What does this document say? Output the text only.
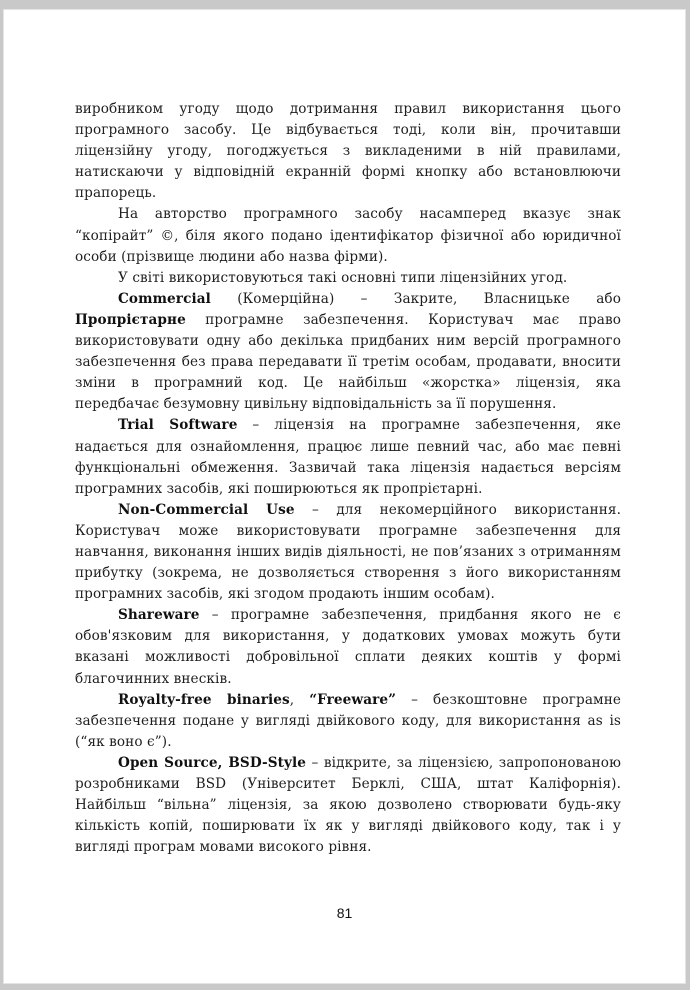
виробником угоду щодо дотримання правил використання цього програмного засобу. Це відбувається тоді, коли він, прочитавши ліцензійну угоду, погоджується з викладеними в ній правилами, натискаючи у відповідній екранній формі кнопку або встановлюючи прапорець.

На авторство програмного засобу насамперед вказує знак “копірайт” ©, біля якого подано ідентифікатор фізичної або юридичної особи (прізвище людини або назва фірми).

У світі використовуються такі основні типи ліцензійних угод.

Commercial (Комерційна) – Закрите, Власницьке або Пропрієтарне програмне забезпечення. Користувач має право використовувати одну або декілька придбаних ним версій програмного забезпечення без права передавати її третім особам, продавати, вносити зміни в програмний код. Це найбільш «жорстка» ліцензія, яка передбачає безумовну цивільну відповідальність за її порушення.

Trial Software – ліцензія на програмне забезпечення, яке надається для ознайомлення, працює лише певний час, або має певні функціональні обмеження. Зазвичай така ліцензія надається версіям програмних засобів, які поширюються як пропрієтарні.

Non-Commercial Use – для некомерційного використання. Користувач може використовувати програмне забезпечення для навчання, виконання інших видів діяльності, не пов’язаних з отриманням прибутку (зокрема, не дозволяється створення з його використанням програмних засобів, які згодом продають іншим особам).

Shareware – програмне забезпечення, придбання якого не є обов'язковим для використання, у додаткових умовах можуть бути вказані можливості добровільної сплати деяких коштів у формі благочинних внесків.

Royalty-free binaries, “Freeware” – безкоштовне програмне забезпечення подане у вигляді двійкового коду, для використання as is (“як воно є”).

Open Source, BSD-Style – відкрите, за ліцензією, запропонованою розробниками BSD (Університет Берклі, США, штат Каліфорнія). Найбільш “вільна” ліцензія, за якою дозволено створювати будь-яку кількість копій, поширювати їх як у вигляді двійкового коду, так і у вигляді програм мовами високого рівня.

81
